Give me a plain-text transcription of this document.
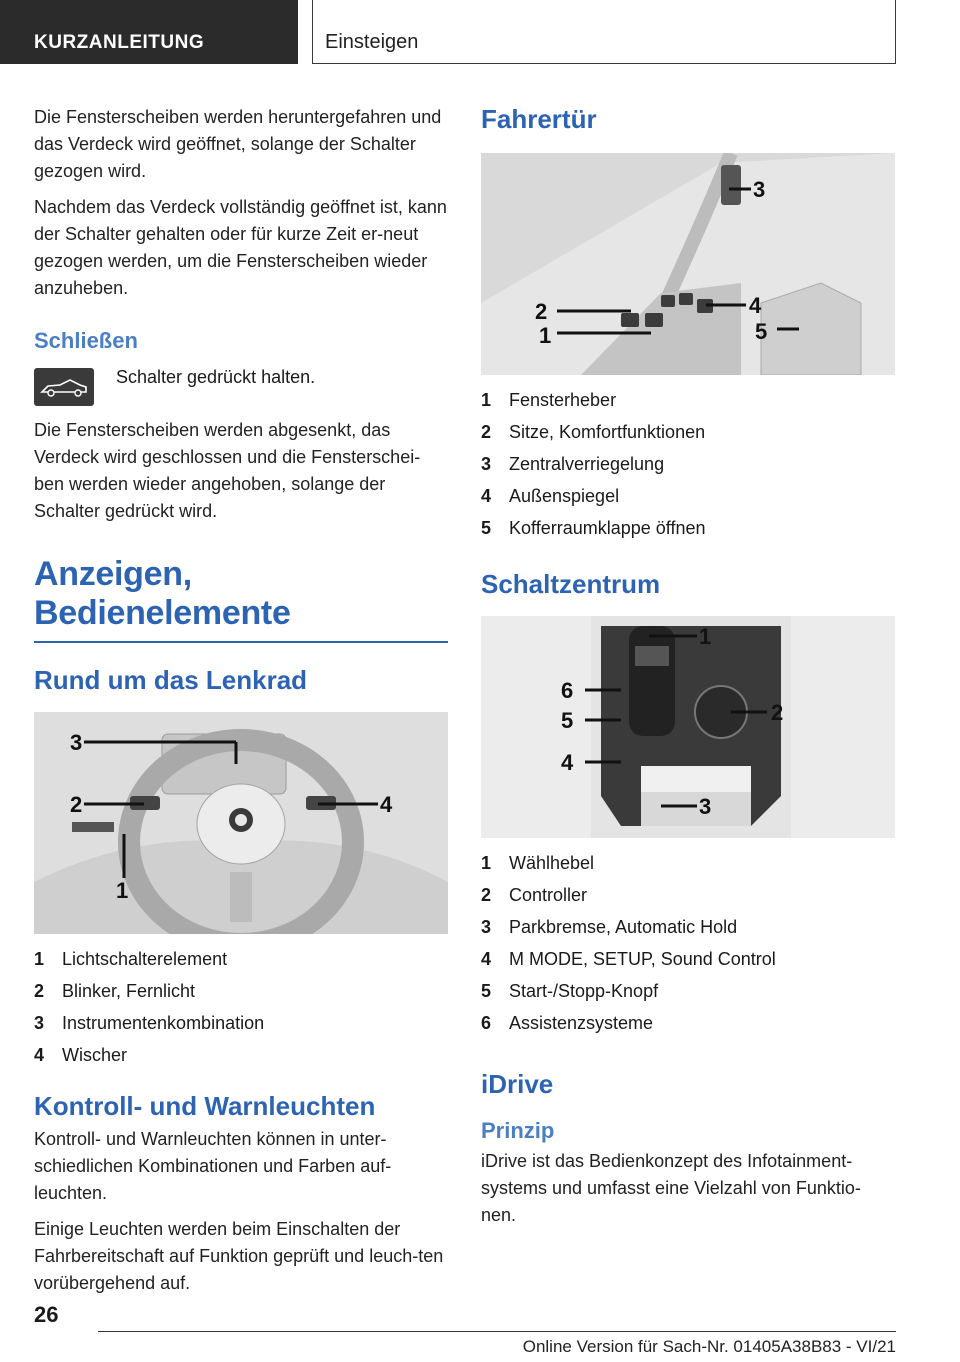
KURZANLEITUNG	Einsteigen

Die Fensterscheiben werden heruntergefahren und das Verdeck wird geöffnet, solange der Schalter gezogen wird.

Nachdem das Verdeck vollständig geöffnet ist, kann der Schalter gehalten oder für kurze Zeit er-neut gezogen werden, um die Fensterscheiben wieder anzuheben.

Schließen
Schalter gedrückt halten.

Die Fensterscheiben werden abgesenkt, das Verdeck wird geschlossen und die Fensterschei-ben werden wieder angehoben, solange der Schalter gedrückt wird.

Anzeigen, Bedienelemente
Rund um das Lenkrad
3
2	4
1
1 Lichtschalterelement
2 Blinker, Fernlicht
3 Instrumentenkombination
4 Wischer
Kontroll- und Warnleuchten

Kontroll- und Warnleuchten können in unter-schiedlichen Kombinationen und Farben auf-leuchten.

Einige Leuchten werden beim Einschalten der Fahrbereitschaft auf Funktion geprüft und leuch-ten vorübergehend auf.

Fahrertür
3
2	4
1	5
1 Fensterheber
2 Sitze, Komfortfunktionen
3 Zentralverriegelung
4 Außenspiegel
5 Kofferraumklappe öffnen
Schaltzentrum
1
6
5	2
4
3
1 Wählhebel
2 Controller
3 Parkbremse, Automatic Hold
4 M MODE, SETUP, Sound Control
5 Start-/Stopp-Knopf
6 Assistenzsysteme
iDrive
Prinzip

iDrive ist das Bedienkonzept des Infotainment-systems und umfasst eine Vielzahl von Funktio-nen.

26
Online Version für Sach-Nr. 01405A38B83 - VI/21
